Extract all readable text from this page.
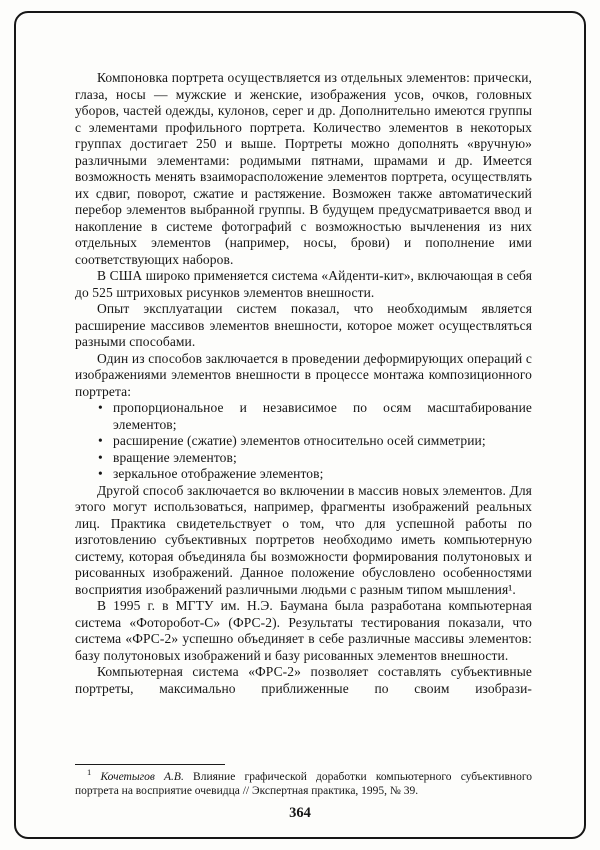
Компоновка портрета осуществляется из отдельных элементов: прически, глаза, носы — мужские и женские, изображения усов, очков, головных уборов, частей одежды, кулонов, серег и др. Дополнительно имеются группы с элементами профильного портрета. Количество элементов в некоторых группах достигает 250 и выше. Портреты можно дополнять «вручную» различными элементами: родимыми пятнами, шрамами и др. Имеется возможность менять взаиморасположение элементов портрета, осуществлять их сдвиг, поворот, сжатие и растяжение. Возможен также автоматический перебор элементов выбранной группы. В будущем предусматривается ввод и накопление в системе фотографий с возможностью вычленения из них отдельных элементов (например, носы, брови) и пополнение ими соответствующих наборов.

В США широко применяется система «Айденти-кит», включающая в себя до 525 штриховых рисунков элементов внешности.

Опыт эксплуатации систем показал, что необходимым является расширение массивов элементов внешности, которое может осуществляться разными способами.

Один из способов заключается в проведении деформирующих операций с изображениями элементов внешности в процессе монтажа композиционного портрета:

• пропорциональное и независимое по осям масштабирование элементов;
• расширение (сжатие) элементов относительно осей симметрии;
• вращение элементов;
• зеркальное отображение элементов;

Другой способ заключается во включении в массив новых элементов. Для этого могут использоваться, например, фрагменты изображений реальных лиц. Практика свидетельствует о том, что для успешной работы по изготовлению субъективных портретов необходимо иметь компьютерную систему, которая объединяла бы возможности формирования полутоновых и рисованных изображений. Данное положение обусловлено особенностями восприятия изображений различными людьми с разным типом мышления¹.

В 1995 г. в МГТУ им. Н.Э. Баумана была разработана компьютерная система «Фоторобот-С» (ФРС-2). Результаты тестирования показали, что система «ФРС-2» успешно объединяет в себе различные массивы элементов: базу полутоновых изображений и базу рисованных элементов внешности.

Компьютерная система «ФРС-2» позволяет составлять субъективные портреты, максимально приближенные по своим изобрази-

$^1$ Кочетыгов А.В. Влияние графической доработки компьютерного субъективного портрета на восприятие очевидца // Экспертная практика, 1995, № 39.

364
